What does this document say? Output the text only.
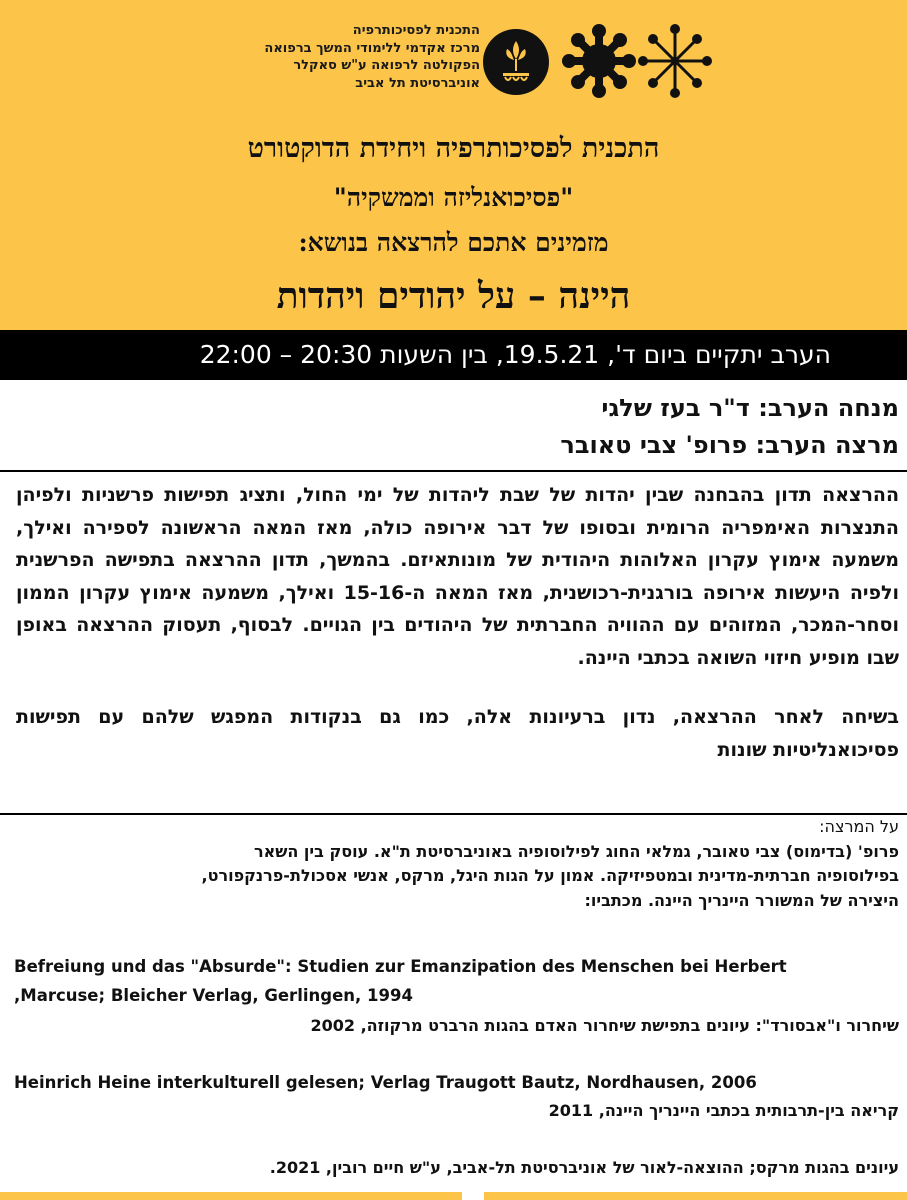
התכנית לפסיכותרפיה
מרכז אקדמי ללימודי המשך ברפואה
הפקולטה לרפואה ע"ש סאקלר
אוניברסיטת תל אביב
התכנית לפסיכותרפיה ויחידת הדוקטורט
"פסיכואנליזה וממשקיה"
מזמינים אתכם להרצאה בנושא:
היינה – על יהודים ויהדות
הערב יתקיים ביום ד', 19.5.21, בין השעות 20:30 – 22:00
מנחה הערב: ד"ר בעז שלגי
מרצה הערב: פרופ' צבי טאובר

ההרצאה תדון בהבחנה שבין יהדות של שבת ליהדות של ימי החול, ותציג תפישות פרשניות ולפיהן התנצרות האימפריה הרומית ובסופו של דבר אירופה כולה, מאז המאה הראשונה לספירה ואילך, משמעה אימוץ עקרון האלוהות היהודית של מונותאיזם. בהמשך, תדון ההרצאה בתפישה הפרשנית ולפיה היעשות אירופה בורגנית-רכושנית, מאז המאה ה-15-16 ואילך, משמעה אימוץ עקרון הממון וסחר-המכר, המזוהים עם ההוויה החברתית של היהודים בין הגויים. לבסוף, תעסוק ההרצאה באופן שבו מופיע חיזוי השואה בכתבי היינה.

בשיחה לאחר ההרצאה, נדון ברעיונות אלה, כמו גם בנקודות המפגש שלהם עם תפישות פסיכואנליטיות שונות

על המרצה:
פרופ' (בדימוס) צבי טאובר, גמלאי החוג לפילוסופיה באוניברסיטת ת"א. עוסק בין השאר
בפילוסופיה חברתית-מדינית ובמטפיזיקה. אמון על הגות היגל, מרקס, אנשי אסכולת-פרנקפורט,
היצירה של המשורר היינריך היינה. מכתביו:
Befreiung und das "Absurde": Studien zur Emanzipation des Menschen bei Herbert
,Marcuse; Bleicher Verlag, Gerlingen, 1994
שיחרור ו"אבסורד": עיונים בתפישת שיחרור האדם בהגות הרברט מרקוזה, 2002
Heinrich Heine interkulturell gelesen; Verlag Traugott Bautz, Nordhausen, 2006
קריאה בין-תרבותית בכתבי היינריך היינה, 2011
עיונים בהגות מרקס; ההוצאה-לאור של אוניברסיטת תל-אביב, ע"ש חיים רובין, 2021.
